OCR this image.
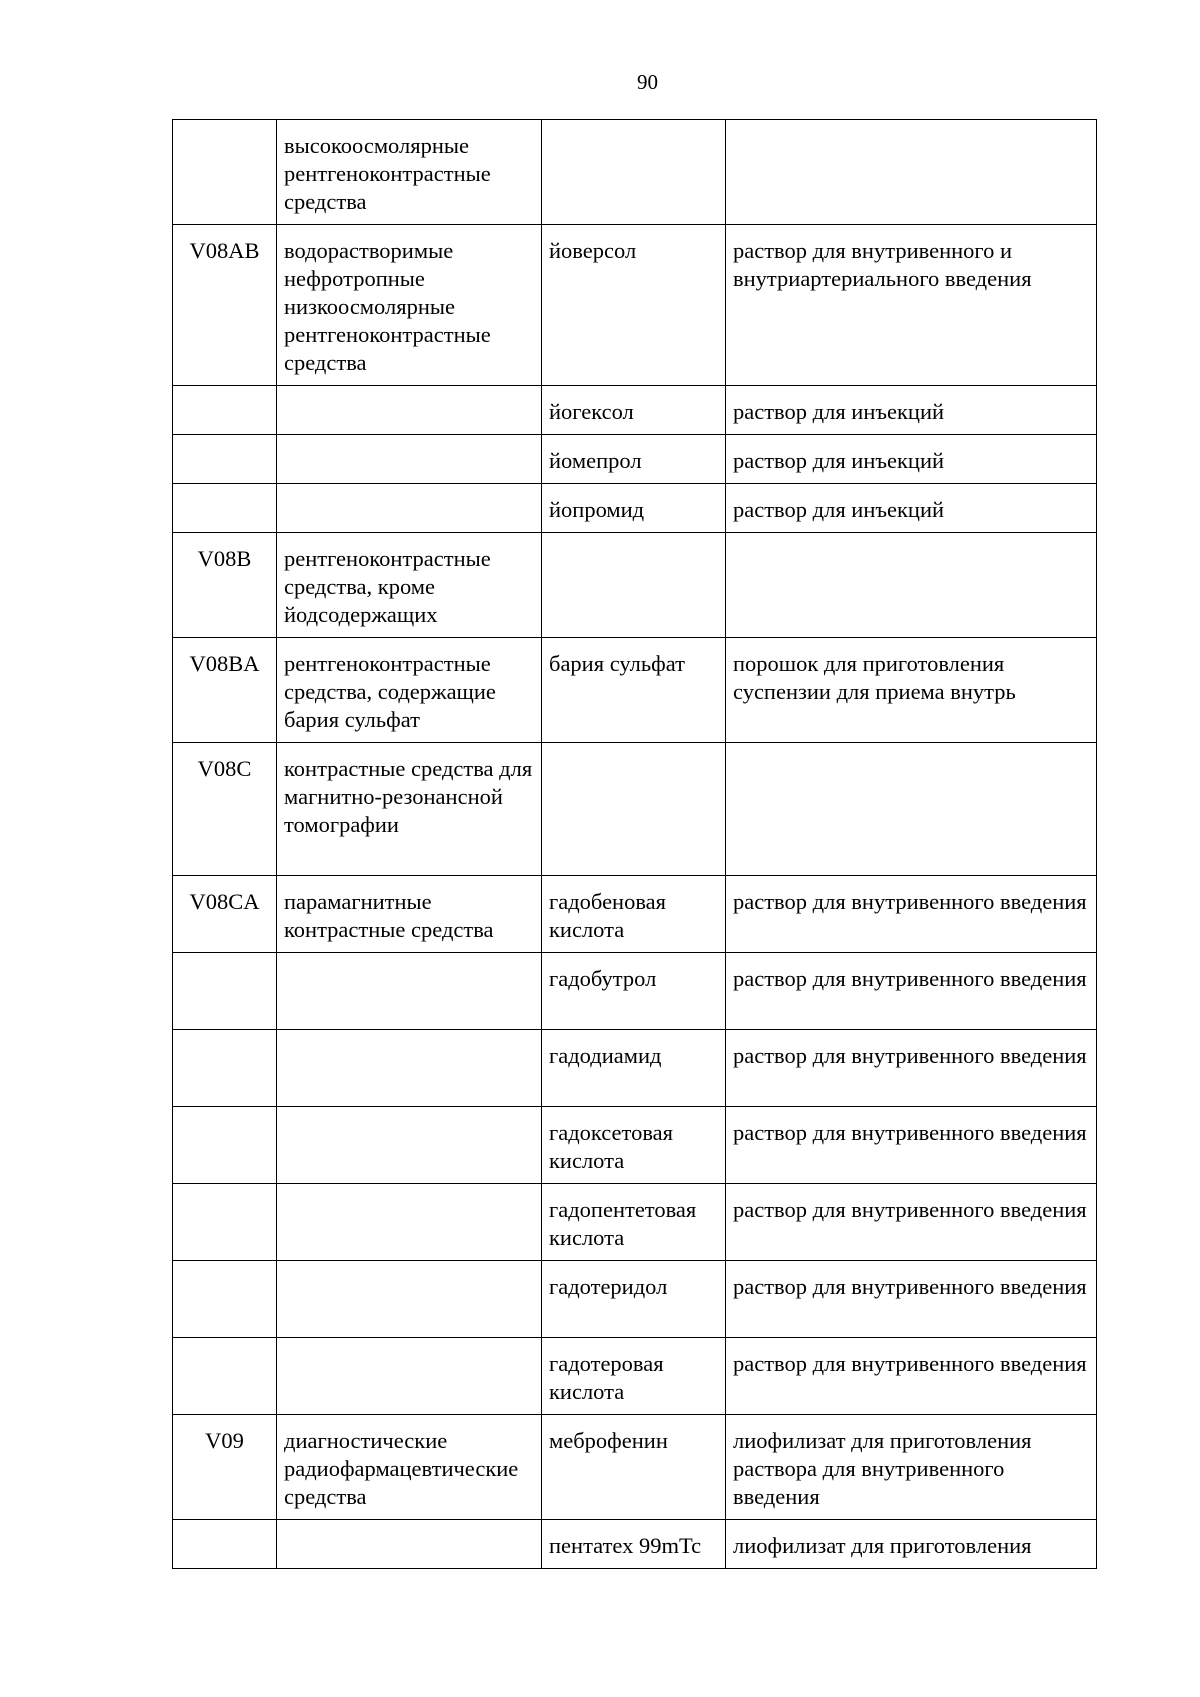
90
	высокоосмолярные рентгеноконтрастные средства		
V08AB	водорастворимые нефротропные низкоосмолярные рентгеноконтрастные средства	йоверсол	раствор для внутривенного и внутриартериального введения
		йогексол	раствор для инъекций
		йомепрол	раствор для инъекций
		йопромид	раствор для инъекций
V08B	рентгеноконтрастные средства, кроме йодсодержащих		
V08BA	рентгеноконтрастные средства, содержащие бария сульфат	бария сульфат	порошок для приготовления суспензии для приема внутрь
V08C	контрастные средства для магнитно-резонансной томографии		
V08CA	парамагнитные контрастные средства	гадобеновая кислота	раствор для внутривенного введения
		гадобутрол	раствор для внутривенного введения
		гадодиамид	раствор для внутривенного введения
		гадоксетовая кислота	раствор для внутривенного введения
		гадопентетовая кислота	раствор для внутривенного введения
		гадотеридол	раствор для внутривенного введения
		гадотеровая кислота	раствор для внутривенного введения
V09	диагностические радиофармацевтические средства	меброфенин	лиофилизат для приготовления раствора для внутривенного введения
		пентатех 99mTc	лиофилизат для приготовления
